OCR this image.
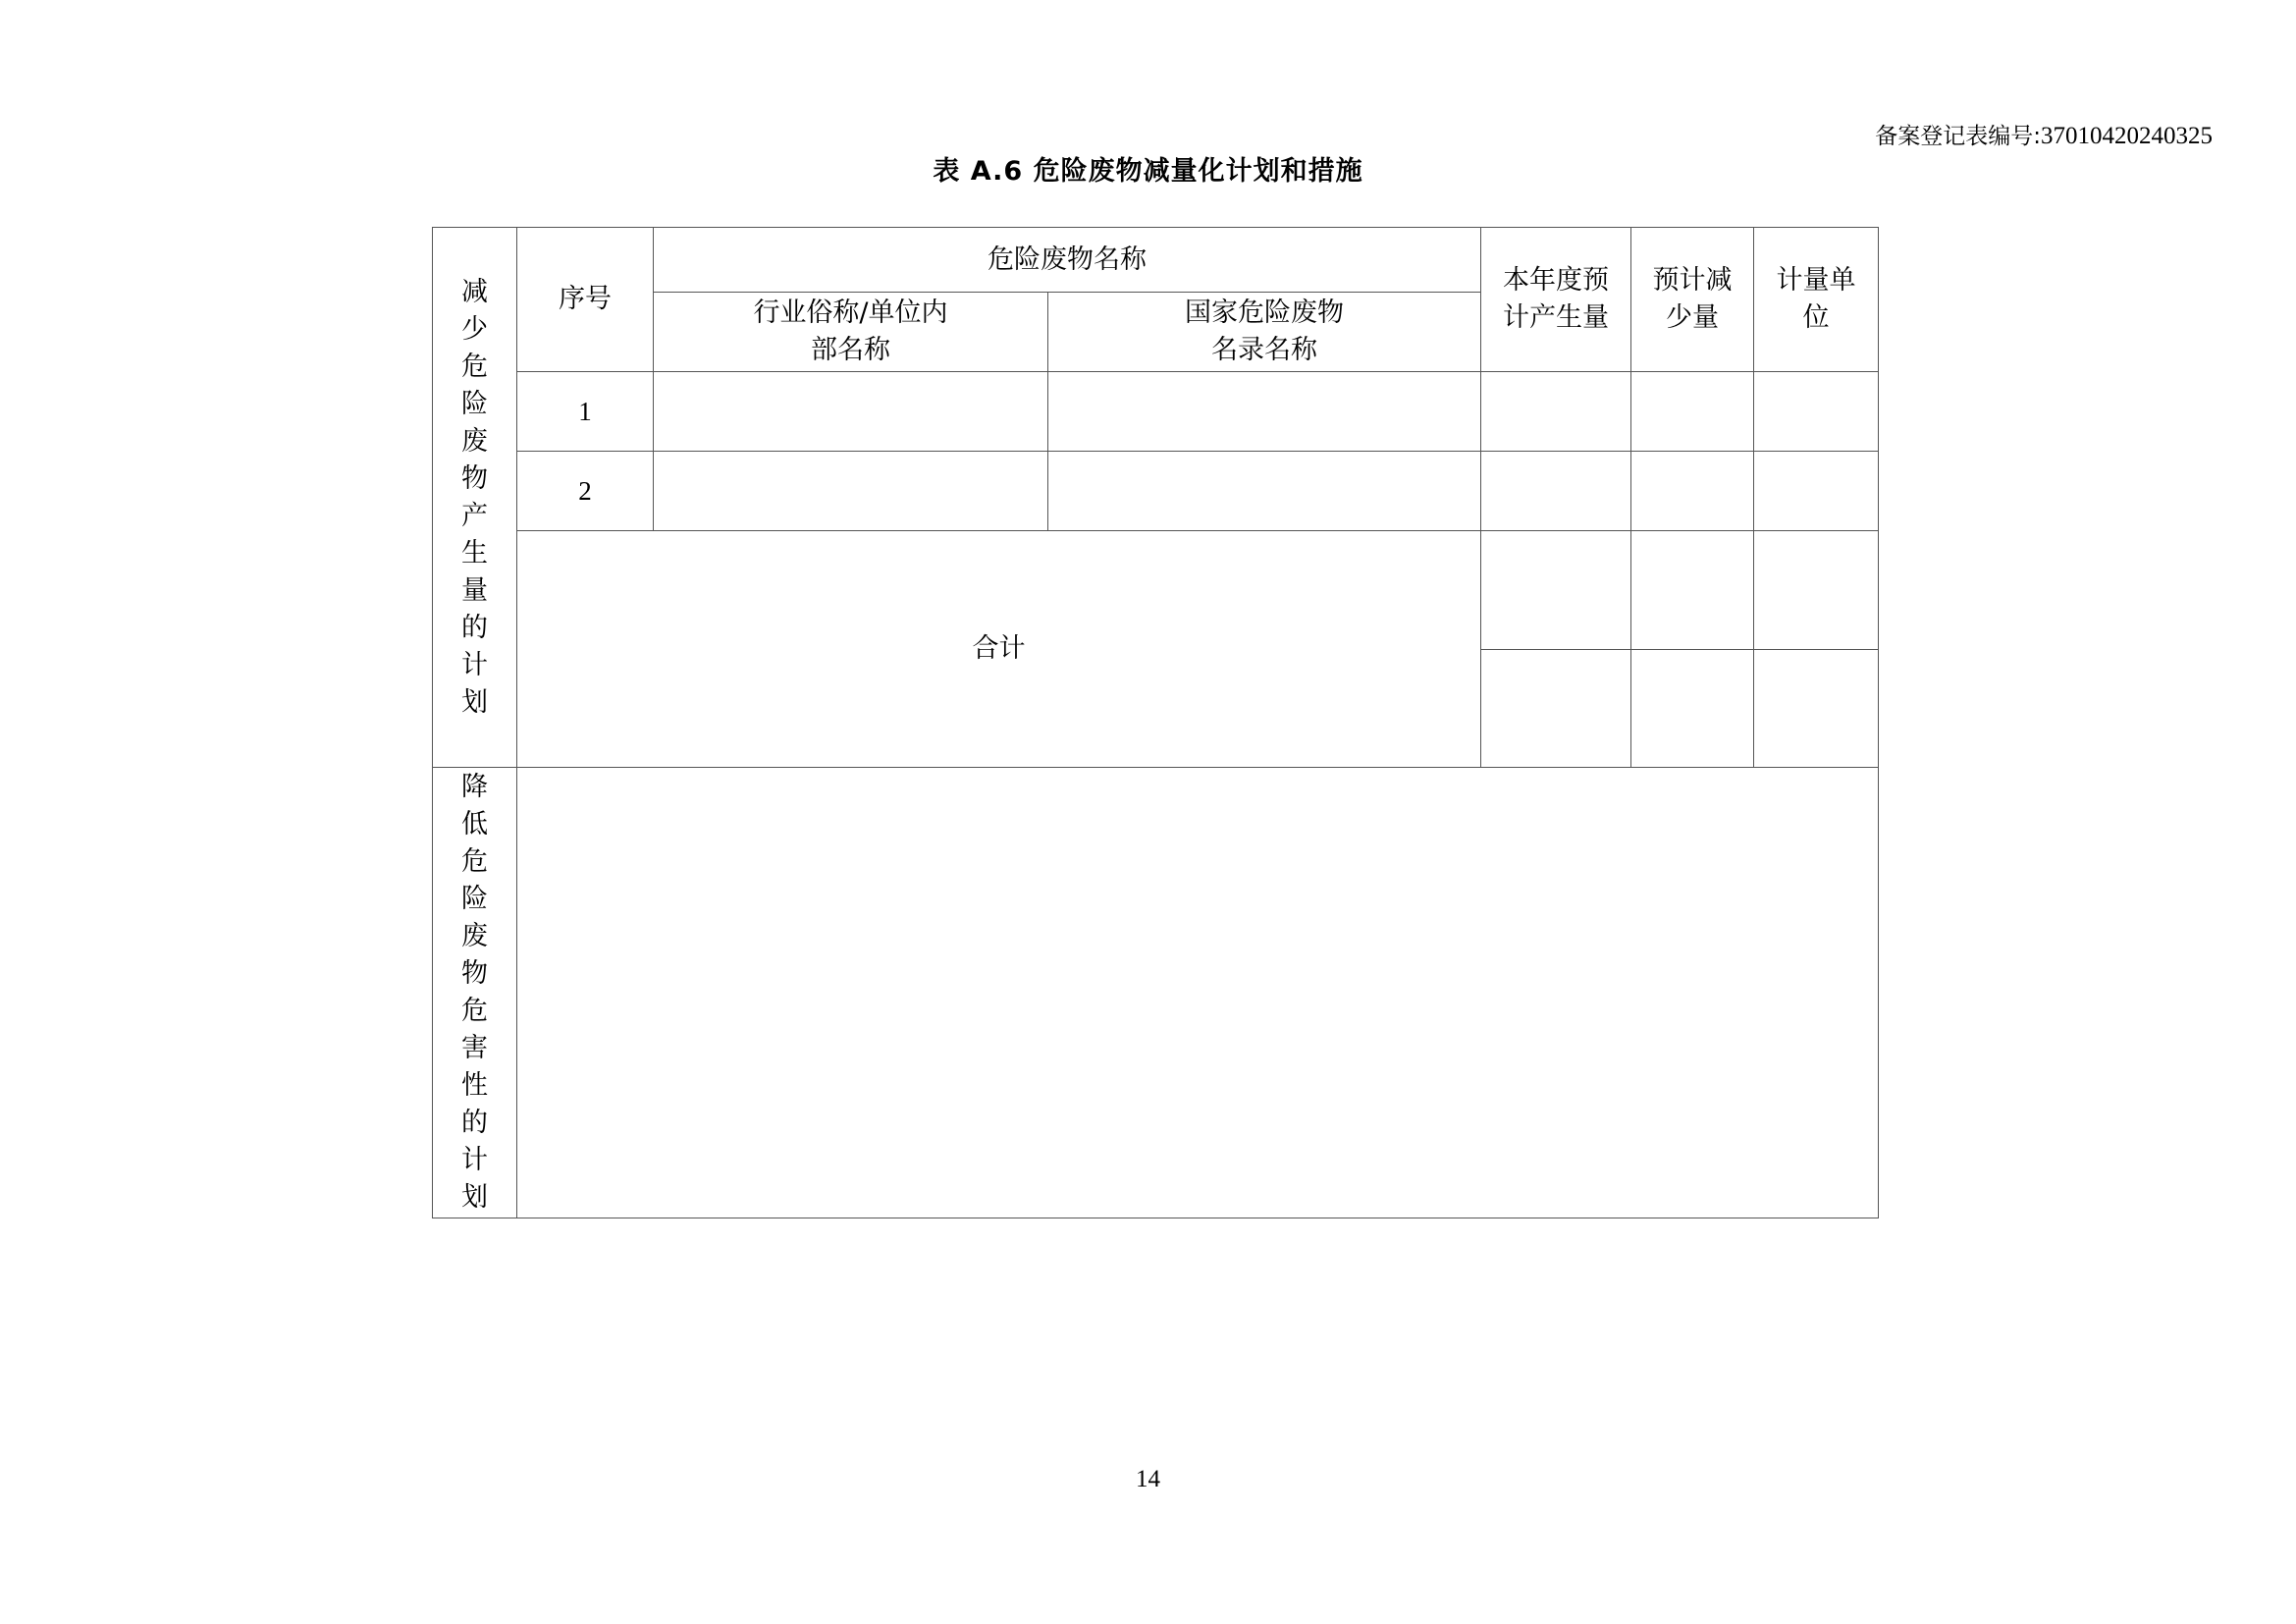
备案登记表编号:37010420240325
表 A.6 危险废物减量化计划和措施
减少危险废物产生量的计划	序号	危险废物名称		本年度预计产生量	预计减少量	计量单位

		行业俗称/单位内部名称	国家危险废物名录名称			

	1					
	2					
	合计					

降低危险废物危害性的计划						
14
